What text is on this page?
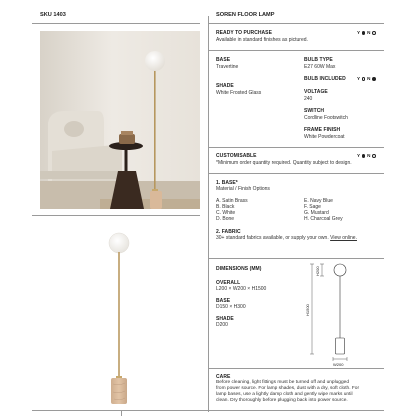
SKU 1403	SOREN FLOOR LAMP
READY TO PURCHASE
Available in standard finishes as pictured.
Y N
BASE
Travertine
SHADE
White Frosted Glass
BULB TYPE
E27 60W Max
BULB INCLUDED Y N
VOLTAGE
240
SWITCH
Cordline Footswitch
FRAME FINISH
White Powdercoat
CUSTOMISABLE
*Minimum order quantity required. Quantity subject to design.
Y N
1. BASE*
Material / Finish Options
A. Satin Brass
B. Black
C. White
D. Bone
E. Navy Blue
F. Sage
G. Mustard
H. Charcoal Grey
2. FABRIC
30+ standard fabrics available, or supply your own. View online.
DIMENSIONS (MM)
OVERALL
L200 × W200 × H1500
BASE
D150 × H300
SHADE
D200
H200
H1500
W200
CARE
Before cleaning, light fittings must be turned off and unplugged
from power source. For lamp shades, dust with a dry, soft cloth. For
lamp bases, use a lightly damp cloth and gently wipe marks until
clean. Dry thoroughly before plugging back into power source.
